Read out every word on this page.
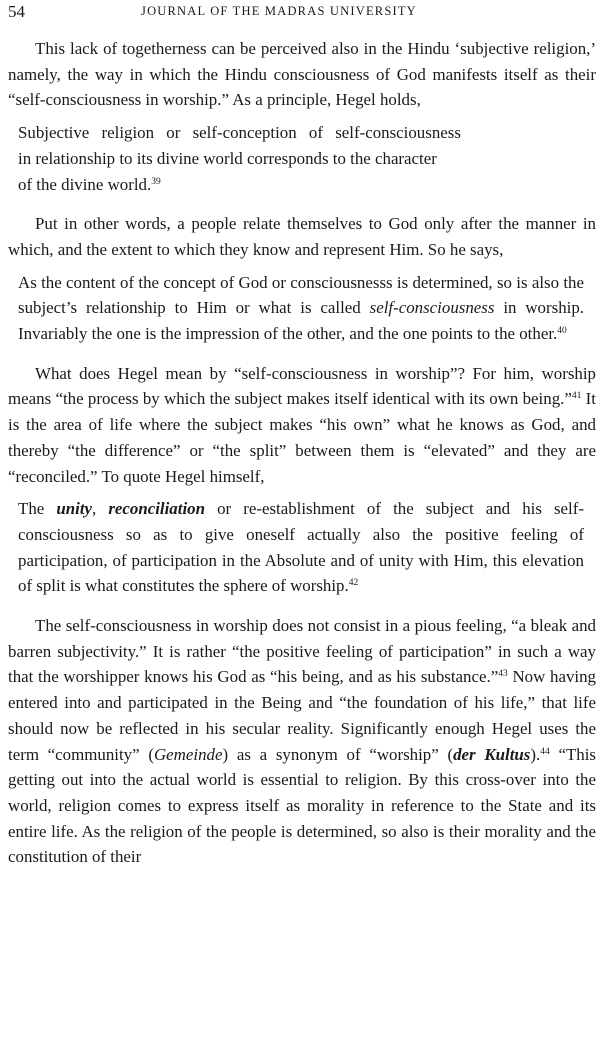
54	JOURNAL OF THE MADRAS UNIVERSITY

This lack of togetherness can be perceived also in the Hindu ‘subjective religion,’ namely, the way in which the Hindu consciousness of God manifests itself as their “self-consciousness in worship.” As a principle, Hegel holds,

Subjective religion or self-conception of self-consciousness
in relationship to its divine world corresponds to the character
of the divine world.$^{39}$

Put in other words, a people relate themselves to God only after the manner in which, and the extent to which they know and represent Him. So he says,

As the content of the concept of God or consciousnesss is determined, so is also the subject’s relationship to Him or what is called self-consciousness in worship. Invariably the one is the impression of the other, and the one points to the other.$^{40}$

What does Hegel mean by “self-consciousness in worship”? For him, worship means “the process by which the subject makes itself identical with its own being.”$^{41}$ It is the area of life where the subject makes “his own” what he knows as God, and thereby “the difference” or “the split” between them is “elevated” and they are “reconciled.” To quote Hegel himself,

The unity, reconciliation or re-establishment of the subject and his self-consciousness so as to give oneself actually also the positive feeling of participation, of participation in the Absolute and of unity with Him, this elevation of split is what constitutes the sphere of worship.$^{42}$

The self-consciousness in worship does not consist in a pious feeling, “a bleak and barren subjectivity.” It is rather “the positive feeling of participation” in such a way that the worshipper knows his God as “his being, and as his substance.”$^{43}$ Now having entered into and participated in the Being and “the foundation of his life,” that life should now be reflected in his secular reality. Significantly enough Hegel uses the term “community” (Gemeinde) as a synonym of “worship” (der Kultus).$^{44}$ “This getting out into the actual world is essential to religion. By this cross-over into the world, religion comes to express itself as morality in reference to the State and its entire life. As the religion of the people is determined, so also is their morality and the constitution of their
